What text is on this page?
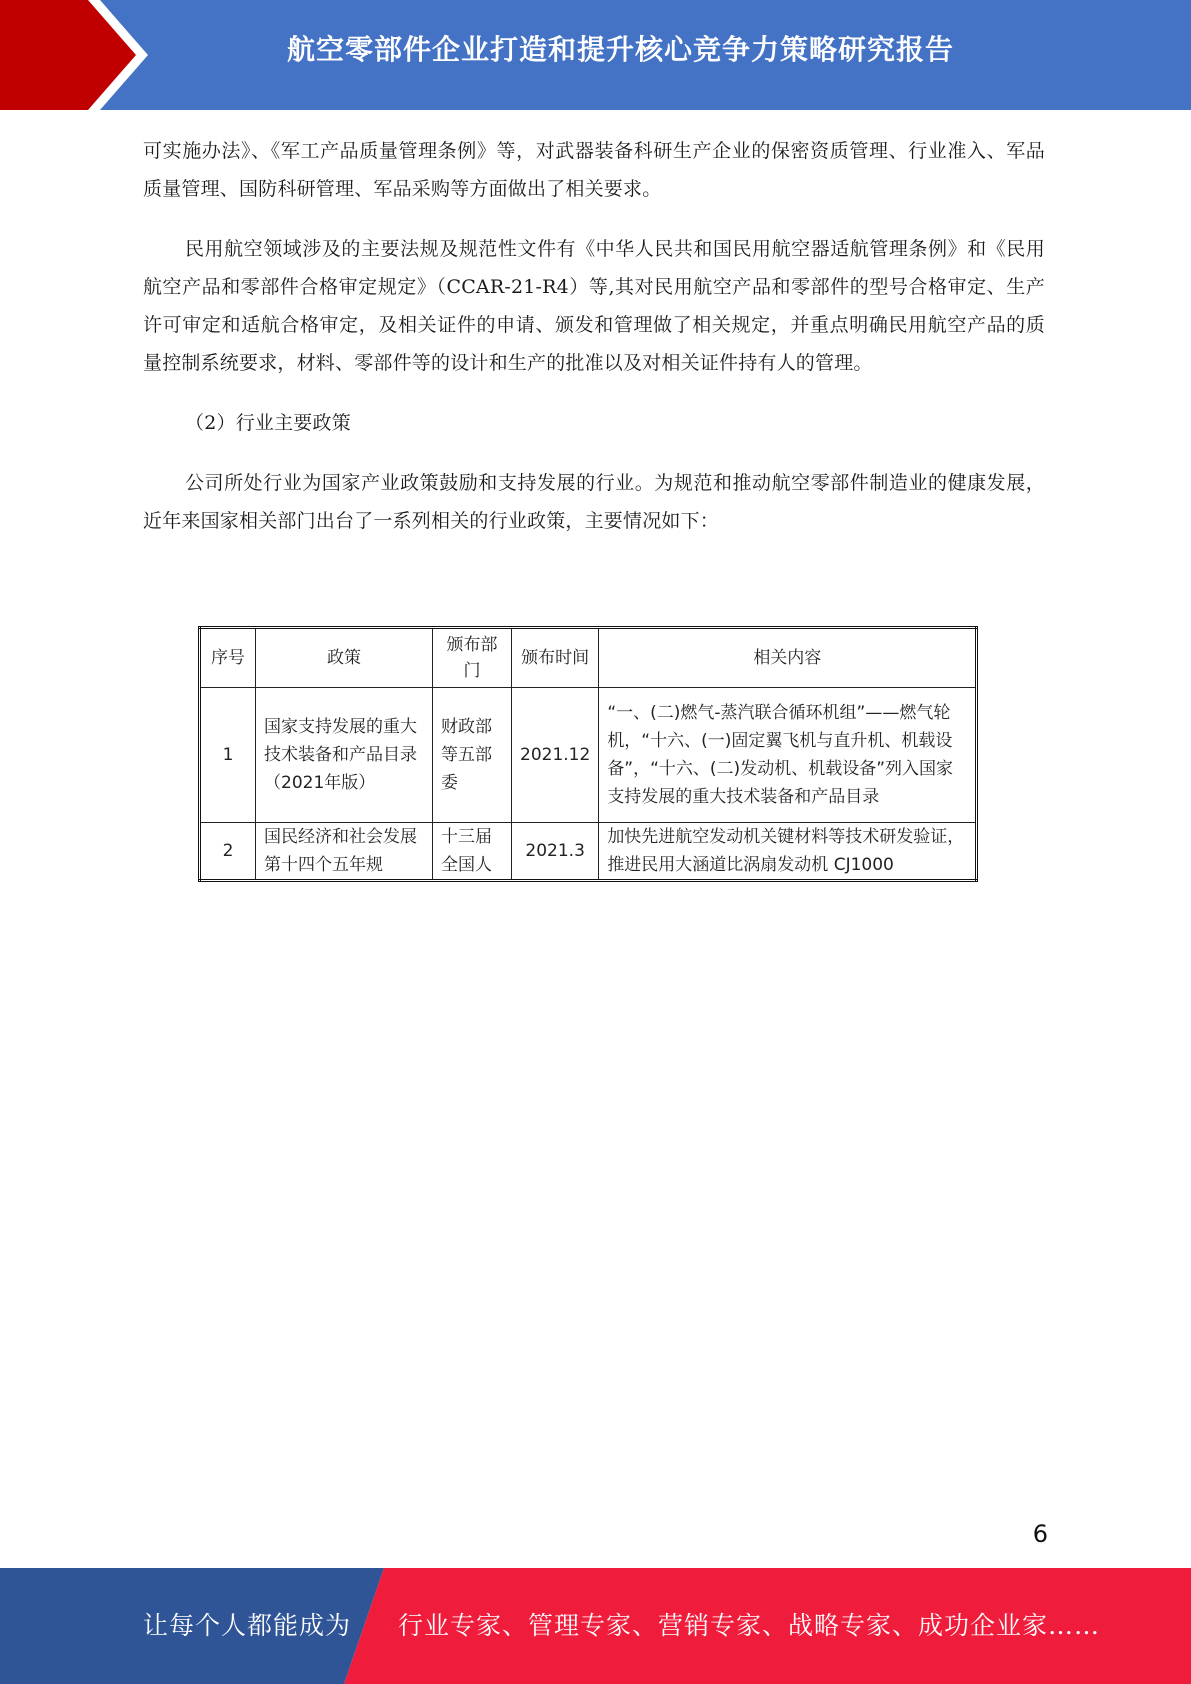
航空零部件企业打造和提升核心竞争力策略研究报告

可实施办法》、《军工产品质量管理条例》等，对武器装备科研生产企业的保密资质管理、行业准入、军品质量管理、国防科研管理、军品采购等方面做出了相关要求。

民用航空领域涉及的主要法规及规范性文件有《中华人民共和国民用航空器适航管理条例》和《民用航空产品和零部件合格审定规定》（CCAR-21-R4）等,其对民用航空产品和零部件的型号合格审定、生产许可审定和适航合格审定，及相关证件的申请、颁发和管理做了相关规定，并重点明确民用航空产品的质量控制系统要求，材料、零部件等的设计和生产的批准以及对相关证件持有人的管理。

（2）行业主要政策

公司所处行业为国家产业政策鼓励和支持发展的行业。为规范和推动航空零部件制造业的健康发展，近年来国家相关部门出台了一系列相关的行业政策，主要情况如下：

序号	政策	颁布部门	颁布时间	相关内容
1	国家支持发展的重大技术装备和产品目录（2021年版）	财政部等五部委	2021.12	“一、(二)燃气-蒸汽联合循环机组”——燃气轮机，“十六、(一)固定翼飞机与直升机、机载设备”，“十六、(二)发动机、机载设备”列入国家支持发展的重大技术装备和产品目录
2	国民经济和社会发展第十四个五年规	十三届全国人	2021.3	加快先进航空发动机关键材料等技术研发验证，推进民用大涵道比涡扇发动机 CJ1000
6
让每个人都能成为 行业专家、管理专家、营销专家、战略专家、成功企业家……
